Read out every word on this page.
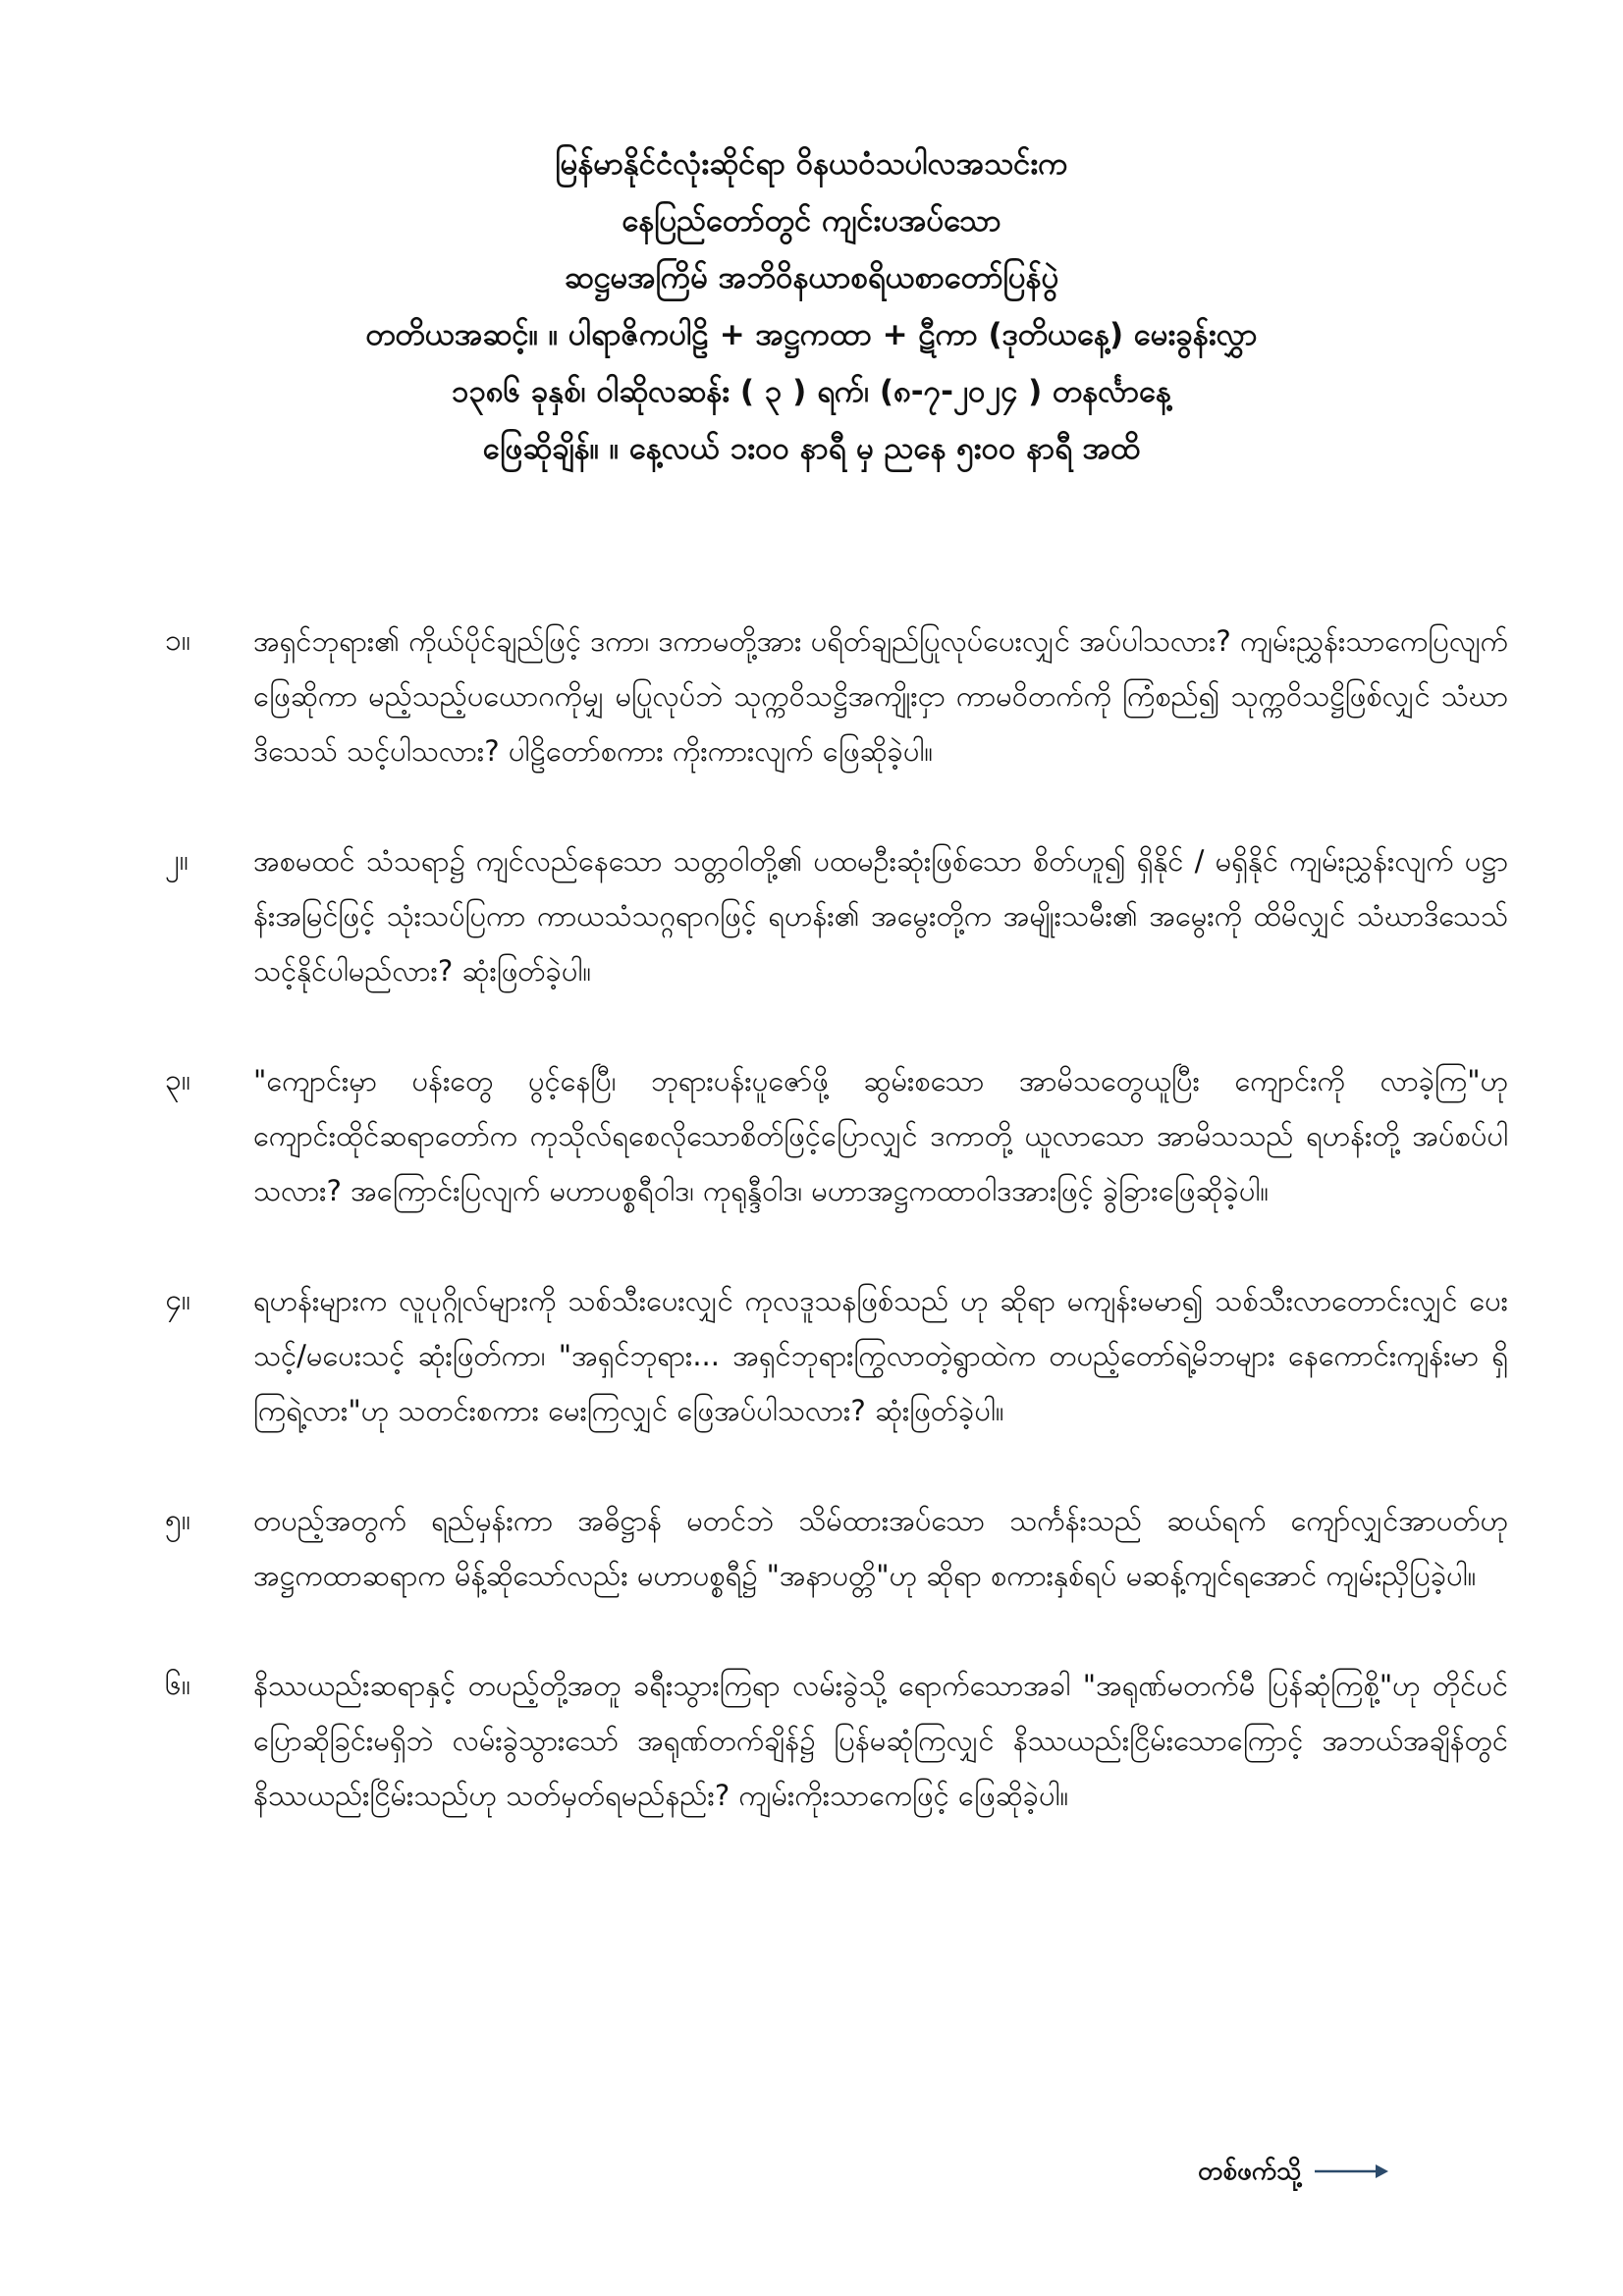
မြန်မာနိုင်ငံလုံးဆိုင်ရာ ဝိနယဝံသပါလအသင်းက
နေပြည်တော်တွင် ကျင်းပအပ်သော
ဆဋ္ဌမအကြိမ် အဘိဝိနယာစရိယစာတော်ပြန်ပွဲ
တတိယအဆင့်။ ။ ပါရာဇိကပါဠိ + အဋ္ဌကထာ + ဋီကာ (ဒုတိယနေ့) မေးခွန်းလွှာ
၁၃၈၆ ခုနှစ်၊ ဝါဆိုလဆန်း ( ၃ ) ရက်၊ (၈-၇-၂၀၂၄ ) တနင်္လာနေ့
ဖြေဆိုချိန်။ ။ နေ့လယ် ၁း၀၀ နာရီ မှ ညနေ ၅း၀၀ နာရီ အထိ
၁။ အရှင်ဘုရား၏ ကိုယ်ပိုင်ချည်ဖြင့် ဒကာ၊ ဒကာမတို့အား ပရိတ်ချည်ပြုလုပ်ပေးလျှင် အပ်ပါသလား? ကျမ်းညွှန်းသာကေပြလျက် ဖြေဆိုကာ မည့်သည့်ပယောဂကိုမျှ မပြုလုပ်ဘဲ သုက္ကဝိသဋ္ဌိအကျိုးငှာ ကာမဝိတက်ကို ကြံစည်၍ သုက္ကဝိသဋ္ဌိဖြစ်လျှင် သံဃာဒိသေသ် သင့်ပါသလား? ပါဠိတော်စကား ကိုးကားလျက် ဖြေဆိုခဲ့ပါ။
၂။ အစမထင် သံသရာ၌ ကျင်လည်နေသော သတ္တဝါတို့၏ ပထမဦးဆုံးဖြစ်သော စိတ်ဟူ၍ ရှိနိုင် / မရှိနိုင် ကျမ်းညွှန်းလျက် ပဋ္ဌာန်းအမြင်ဖြင့် သုံးသပ်ပြကာ ကာယသံသဂ္ဂရာဂဖြင့် ရဟန်း၏ အမွေးတို့က အမျိုးသမီး၏ အမွေးကို ထိမိလျှင် သံဃာဒိသေသ်သင့်နိုင်ပါမည်လား? ဆုံးဖြတ်ခဲ့ပါ။
၃။ "ကျောင်းမှာ ပန်းတွေ ပွင့်နေပြီ၊ ဘုရားပန်းပူဇော်ဖို့ ဆွမ်းစသော အာမိသတွေယူပြီး ကျောင်းကို လာခဲ့ကြ"ဟု ကျောင်းထိုင်ဆရာတော်က ကုသိုလ်ရစေလိုသောစိတ်ဖြင့်ပြောလျှင် ဒကာတို့ ယူလာသော အာမိသသည် ရဟန်းတို့ အပ်စပ်ပါသလား? အကြောင်းပြလျက် မဟာပစ္စရီဝါဒ၊ ကုရုန္ဒီဝါဒ၊ မဟာအဋ္ဌကထာဝါဒအားဖြင့် ခွဲခြားဖြေဆိုခဲ့ပါ။
၄။ ရဟန်းများက လူပုဂ္ဂိုလ်များကို သစ်သီးပေးလျှင် ကုလဒူသနဖြစ်သည် ဟု ဆိုရာ မကျန်းမမာ၍ သစ်သီးလာတောင်းလျှင် ပေးသင့်/မပေးသင့် ဆုံးဖြတ်ကာ၊ "အရှင်ဘုရား... အရှင်ဘုရားကြွလာတဲ့ရွာထဲက တပည့်တော်ရဲ့မိဘများ နေကောင်းကျန်းမာ ရှိကြရဲ့လား"ဟု သတင်းစကား မေးကြလျှင် ဖြေအပ်ပါသလား? ဆုံးဖြတ်ခဲ့ပါ။
၅။ တပည့်အတွက် ရည်မှန်းကာ အဓိဋ္ဌာန် မတင်ဘဲ သိမ်ထားအပ်သော သင်္ကန်းသည် ဆယ်ရက် ကျော်လျှင်အာပတ်ဟု အဋ္ဌကထာဆရာက မိန့်ဆိုသော်လည်း မဟာပစ္စရီ၌ "အနာပတ္တိ"ဟု ဆိုရာ စကားနှစ်ရပ် မဆန့်ကျင်ရအောင် ကျမ်းညှိပြခဲ့ပါ။
၆။ နိဿယည်းဆရာနှင့် တပည့်တို့အတူ ခရီးသွားကြရာ လမ်းခွဲသို့ ရောက်သောအခါ "အရုဏ်မတက်မီ ပြန်ဆုံကြစို့"ဟု တိုင်ပင်ပြောဆိုခြင်းမရှိဘဲ လမ်းခွဲသွားသော် အရုဏ်တက်ချိန်၌ ပြန်မဆုံကြလျှင် နိဿယည်းငြိမ်းသောကြောင့် အဘယ်အချိန်တွင် နိဿယည်းငြိမ်းသည်ဟု သတ်မှတ်ရမည်နည်း? ကျမ်းကိုးသာကေဖြင့် ဖြေဆိုခဲ့ပါ။
တစ်ဖက်သို့
